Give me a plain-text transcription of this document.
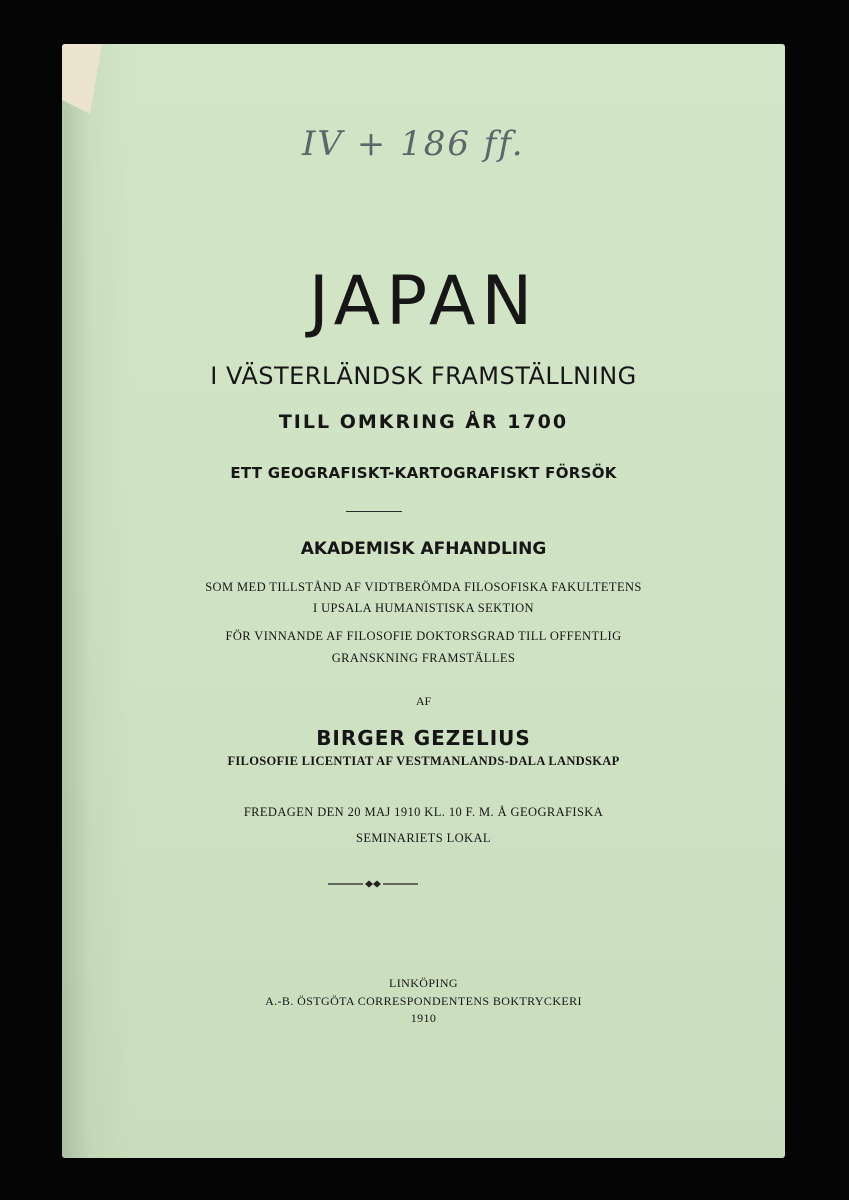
IV + 186 ff.
JAPAN
I VÄSTERLÄNDSK FRAMSTÄLLNING
TILL OMKRING ÅR 1700
ETT GEOGRAFISKT-KARTOGRAFISKT FÖRSÖK
AKADEMISK AFHANDLING
SOM MED TILLSTÅND AF VIDTBERÖMDA FILOSOFISKA FAKULTETENS
I UPSALA HUMANISTISKA SEKTION
FÖR VINNANDE AF FILOSOFIE DOKTORSGRAD TILL OFFENTLIG
GRANSKNING FRAMSTÄLLES
AF
BIRGER GEZELIUS
FILOSOFIE LICENTIAT AF VESTMANLANDS-DALA LANDSKAP
FREDAGEN DEN 20 MAJ 1910 KL. 10 F. M. Å GEOGRAFISKA
SEMINARIETS LOKAL
LINKÖPING
A.-B. ÖSTGÖTA CORRESPONDENTENS BOKTRYCKERI
1910
